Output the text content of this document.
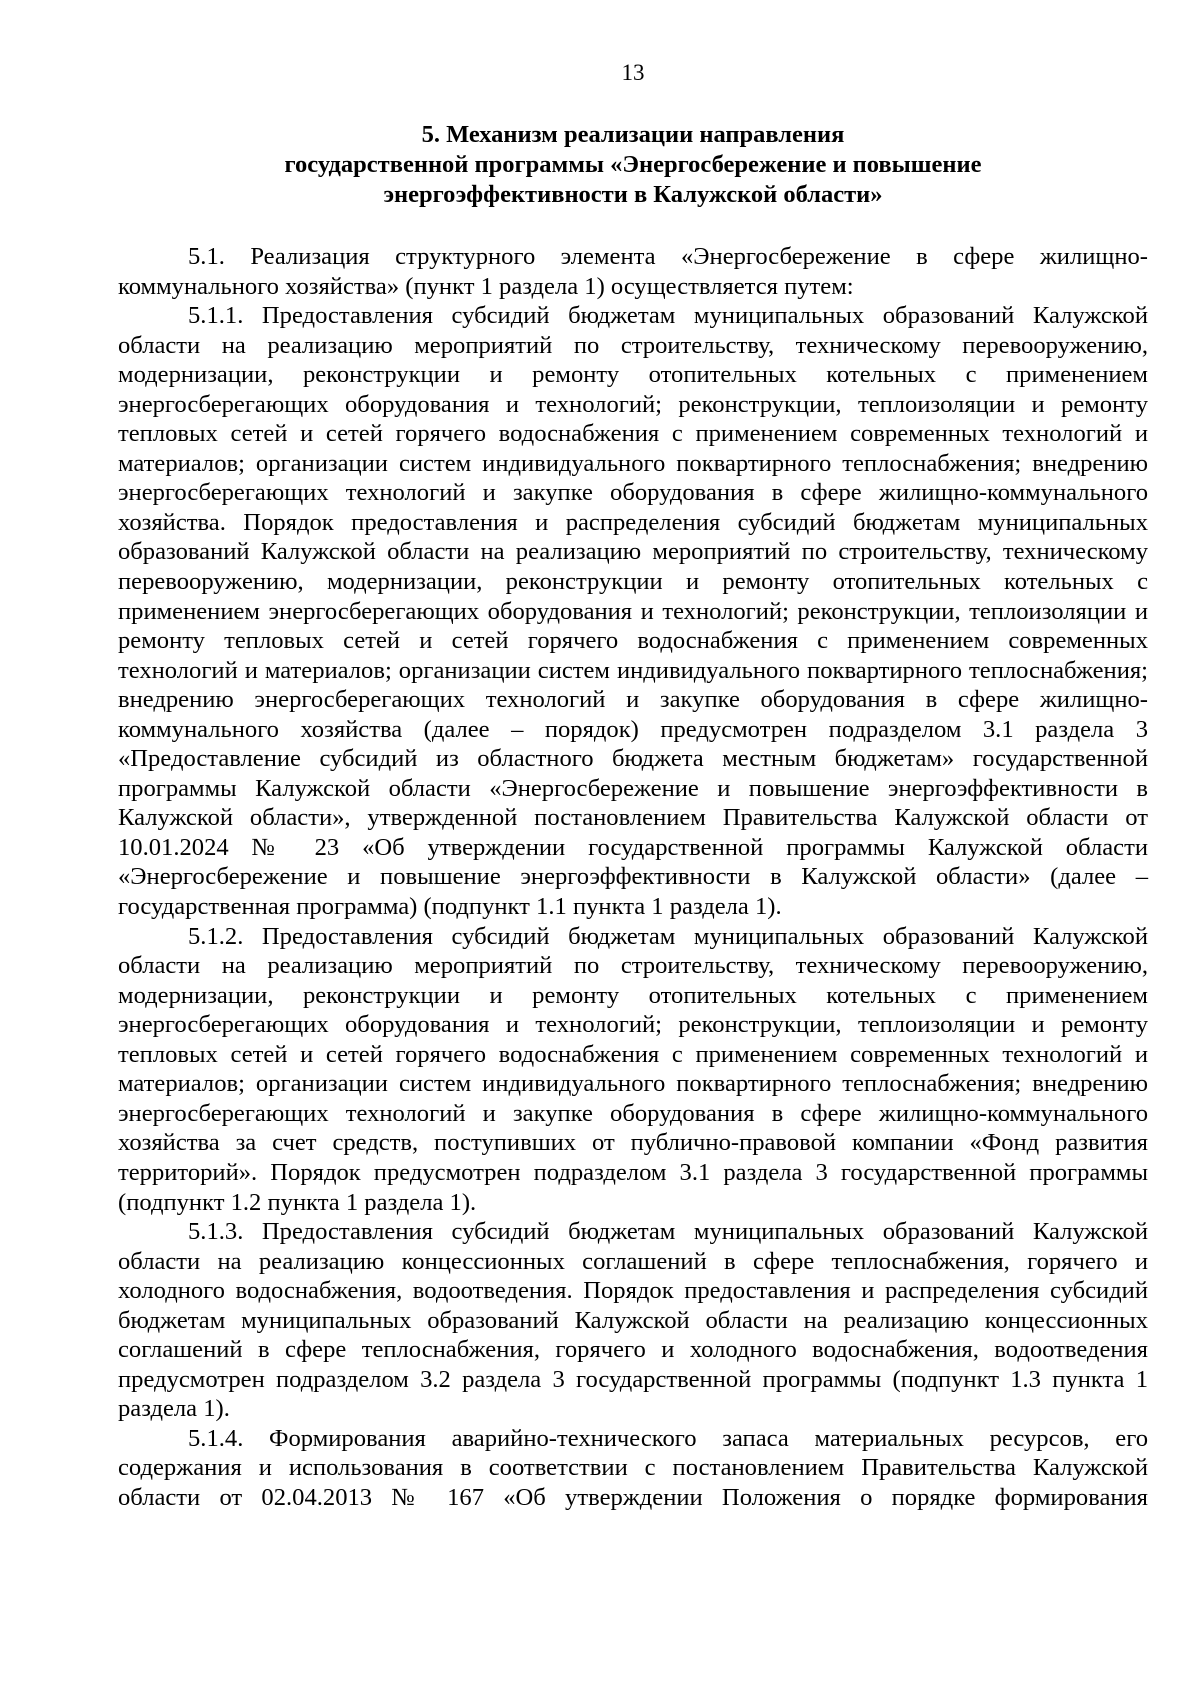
13
5. Механизм реализации направления
государственной программы «Энергосбережение и повышение
энергоэффективности в Калужской области»

5.1. Реализация структурного элемента «Энергосбережение в сфере жилищно-коммунального хозяйства» (пункт 1 раздела 1) осуществляется путем:

5.1.1. Предоставления субсидий бюджетам муниципальных образований Калужской области на реализацию мероприятий по строительству, техническому перевооружению, модернизации, реконструкции и ремонту отопительных котельных с применением энергосберегающих оборудования и технологий; реконструкции, теплоизоляции и ремонту тепловых сетей и сетей горячего водоснабжения с применением современных технологий и материалов; организации систем индивидуального поквартирного теплоснабжения; внедрению энергосберегающих технологий и закупке оборудования в сфере жилищно-коммунального хозяйства. Порядок предоставления и распределения субсидий бюджетам муниципальных образований Калужской области на реализацию мероприятий по строительству, техническому перевооружению, модернизации, реконструкции и ремонту отопительных котельных с применением энергосберегающих оборудования и технологий; реконструкции, теплоизоляции и ремонту тепловых сетей и сетей горячего водоснабжения с применением современных технологий и материалов; организации систем индивидуального поквартирного теплоснабжения; внедрению энергосберегающих технологий и закупке оборудования в сфере жилищно-коммунального хозяйства (далее – порядок) предусмотрен подразделом 3.1 раздела 3 «Предоставление субсидий из областного бюджета местным бюджетам» государственной программы Калужской области «Энергосбережение и повышение энергоэффективности в Калужской области», утвержденной постановлением Правительства Калужской области от 10.01.2024 № 23 «Об утверждении государственной программы Калужской области «Энергосбережение и повышение энергоэффективности в Калужской области» (далее – государственная программа) (подпункт 1.1 пункта 1 раздела 1).

5.1.2. Предоставления субсидий бюджетам муниципальных образований Калужской области на реализацию мероприятий по строительству, техническому перевооружению, модернизации, реконструкции и ремонту отопительных котельных с применением энергосберегающих оборудования и технологий; реконструкции, теплоизоляции и ремонту тепловых сетей и сетей горячего водоснабжения с применением современных технологий и материалов; организации систем индивидуального поквартирного теплоснабжения; внедрению энергосберегающих технологий и закупке оборудования в сфере жилищно-коммунального хозяйства за счет средств, поступивших от публично-правовой компании «Фонд развития территорий». Порядок предусмотрен подразделом 3.1 раздела 3 государственной программы (подпункт 1.2 пункта 1 раздела 1).

5.1.3. Предоставления субсидий бюджетам муниципальных образований Калужской области на реализацию концессионных соглашений в сфере теплоснабжения, горячего и холодного водоснабжения, водоотведения. Порядок предоставления и распределения субсидий бюджетам муниципальных образований Калужской области на реализацию концессионных соглашений в сфере теплоснабжения, горячего и холодного водоснабжения, водоотведения предусмотрен подразделом 3.2 раздела 3 государственной программы (подпункт 1.3 пункта 1 раздела 1).

5.1.4. Формирования аварийно-технического запаса материальных ресурсов, его содержания и использования в соответствии с постановлением Правительства Калужской области от 02.04.2013 № 167 «Об утверждении Положения о порядке формирования
